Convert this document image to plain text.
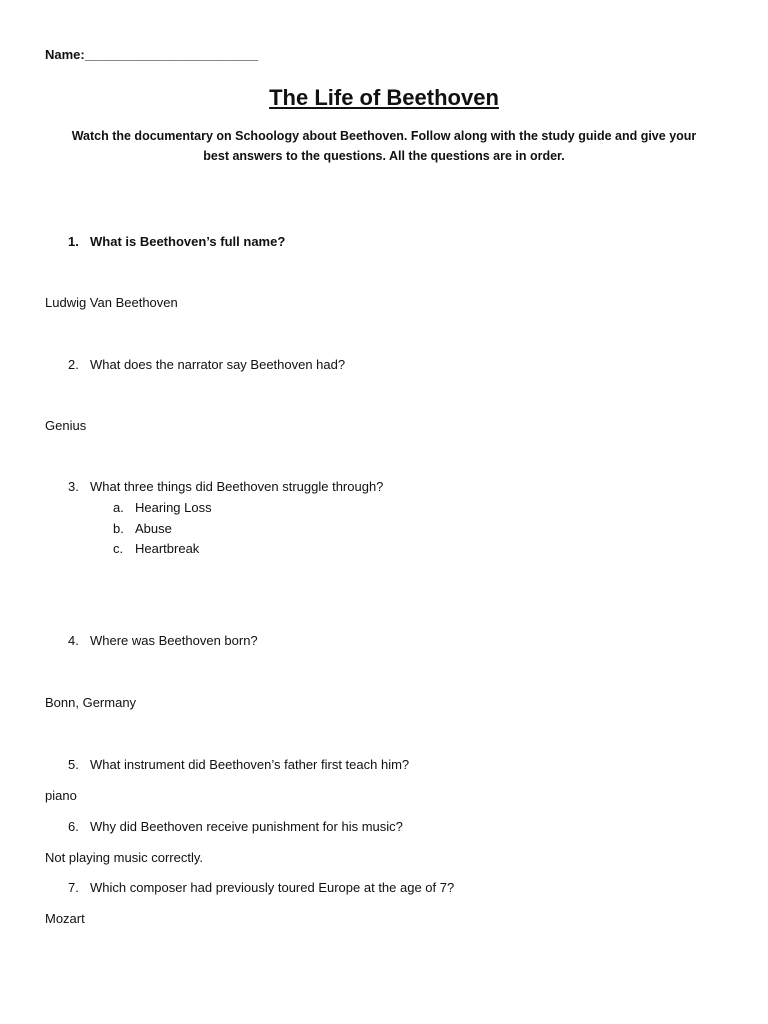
Name:________________________
The Life of Beethoven
Watch the documentary on Schoology about Beethoven. Follow along with the study guide and give your best answers to the questions. All the questions are in order.
1. What is Beethoven’s full name?
Ludwig Van Beethoven
2. What does the narrator say Beethoven had?
Genius
3. What three things did Beethoven struggle through?
a. Hearing Loss
b. Abuse
c. Heartbreak
4. Where was Beethoven born?
Bonn, Germany
5. What instrument did Beethoven’s father first teach him?
piano
6. Why did Beethoven receive punishment for his music?
Not playing music correctly.
7. Which composer had previously toured Europe at the age of 7?
Mozart
